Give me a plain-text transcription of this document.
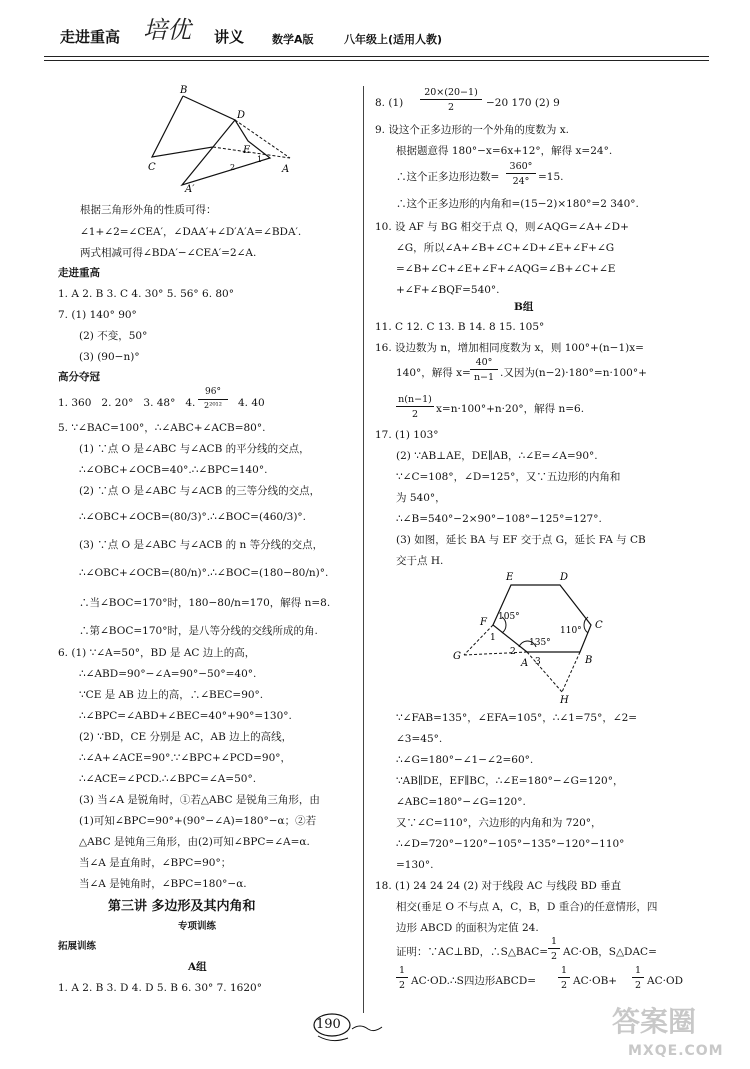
走进重高 培优 讲义	数学A版	八年级上(适用人教)
B
D
C
E
A
A′
1
2
根据三角形外角的性质可得：
∠1+∠2=∠CEA′，∠DAA′+∠D′A′A=∠BDA′.
两式相减可得∠BDA′−∠CEA′=2∠A.
走进重高
1. A 2. B 3. C 4. 30° 5. 56° 6. 80°
7. (1) 140° 90°
(2) 不变，50°
(3) (90−n)°
高分夺冠
1. 360   2. 20°   3. 48°   4.
96°
2²⁰¹²	4. 40
5. ∵∠BAC=100°，∴∠ABC+∠ACB=80°.
(1) ∵点 O 是∠ABC 与∠ACB 的平分线的交点，
∴∠OBC+∠OCB=40°.∴∠BPC=140°.
(2) ∵点 O 是∠ABC 与∠ACB 的三等分线的交点，
∴∠OBC+∠OCB=(80/3)°.∴∠BOC=(460/3)°.
(3) ∵点 O 是∠ABC 与∠ACB 的 n 等分线的交点，
∴∠OBC+∠OCB=(80/n)°.∴∠BOC=(180−80/n)°.
∴当∠BOC=170°时，180−80/n=170，解得 n=8.
∴第∠BOC=170°时，是八等分线的交线所成的角.
6. (1) ∵∠A=50°，BD 是 AC 边上的高，
∴∠ABD=90°−∠A=90°−50°=40°.
∵CE 是 AB 边上的高，∴∠BEC=90°.
∴∠BPC=∠ABD+∠BEC=40°+90°=130°.
(2) ∵BD，CE 分别是 AC，AB 边上的高线，
∴∠A+∠ACE=90°.∵∠BPC+∠PCD=90°，
∴∠ACE=∠PCD.∴∠BPC=∠A=50°.
(3) 当∠A 是锐角时，①若△ABC 是锐角三角形，由
(1)可知∠BPC=90°+(90°−∠A)=180°−α；②若
△ABC 是钝角三角形，由(2)可知∠BPC=∠A=α.
当∠A 是直角时，∠BPC=90°；
当∠A 是钝角时，∠BPC=180°−α.
第三讲 多边形及其内角和
专项训练
拓展训练
A组
1. A 2. B 3. D 4. D 5. B 6. 30° 7. 1620°
8. (1)
20×(20−1)
2	−20 170 (2) 9
9. 设这个正多边形的一个外角的度数为 x.
根据题意得 180°−x=6x+12°，解得 x=24°.
∴这个正多边形边数=
360°
24° =15.
∴这个正多边形的内角和=(15−2)×180°=2 340°.
10. 设 AF 与 BG 相交于点 Q，则∠AQG=∠A+∠D+
∠G，所以∠A+∠B+∠C+∠D+∠E+∠F+∠G
=∠B+∠C+∠E+∠F+∠AQG=∠B+∠C+∠E
+∠F+∠BQF=540°.
B组
11. C 12. C 13. B 14. 8 15. 105°
16. 设边数为 n，增加相同度数为 x，则 100°+(n−1)x=
140°，解得 x=
40°
n−1 .又因为(n−2)·180°=n·100°+
n(n−1)
2	x=n·100°+n·20°，解得 n=6.
17. (1) 103°
(2) ∵AB⊥AE，DE∥AB，∴∠E=∠A=90°.
∵∠C=108°，∠D=125°，又∵五边形的内角和
为 540°，
∴∠B=540°−2×90°−108°−125°=127°.
(3) 如图，延长 BA 与 EF 交于点 G，延长 FA 与 CB
交于点 H.
E	D
F	C
G
A	B
H
105°
110°
135°
1
2
3
∵∠FAB=135°，∠EFA=105°，∴∠1=75°，∠2=
∠3=45°.
∴∠G=180°−∠1−∠2=60°.
∵AB∥DE，EF∥BC，∴∠E=180°−∠G=120°，
∠ABC=180°−∠G=120°.
又∵∠C=110°，六边形的内角和为 720°，
∴∠D=720°−120°−105°−135°−120°−110°
=130°.
18. (1) 24 24 24 (2) 对于线段 AC 与线段 BD 垂直
相交(垂足 O 不与点 A，C，B，D 重合)的任意情形，四
边形 ABCD 的面积为定值 24.
证明：∵AC⊥BD，∴S△BAC=
1
2 AC·OB，S△DAC=
1
2 AC·OD.∴S四边形ABCD=
1
2 AC·OB+
1
2 AC·OD
190	答案圈
MXQE.COM
